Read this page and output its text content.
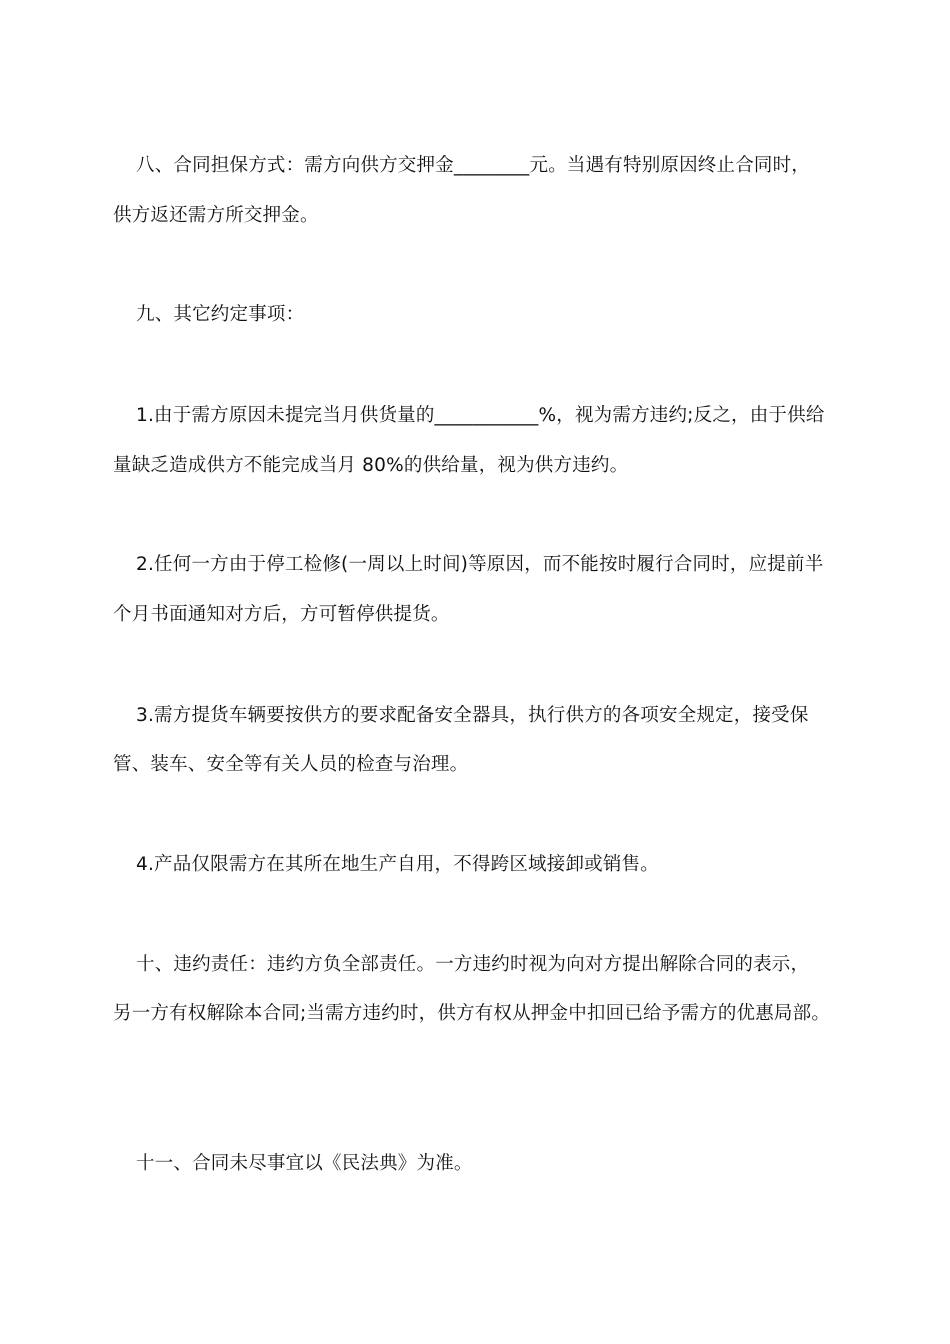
八、合同担保方式：需方向供方交押金________元。当遇有特别原因终止合同时，
供方返还需方所交押金。
九、其它约定事项：
1.由于需方原因未提完当月供货量的___________%，视为需方违约;反之，由于供给
量缺乏造成供方不能完成当月 80%的供给量，视为供方违约。
2.任何一方由于停工检修(一周以上时间)等原因，而不能按时履行合同时，应提前半
个月书面通知对方后，方可暂停供提货。
3.需方提货车辆要按供方的要求配备安全器具，执行供方的各项安全规定，接受保
管、装车、安全等有关人员的检查与治理。
4.产品仅限需方在其所在地生产自用，不得跨区域接卸或销售。
十、违约责任：违约方负全部责任。一方违约时视为向对方提出解除合同的表示，
另一方有权解除本合同;当需方违约时，供方有权从押金中扣回已给予需方的优惠局部。
十一、合同未尽事宜以《民法典》为准。
